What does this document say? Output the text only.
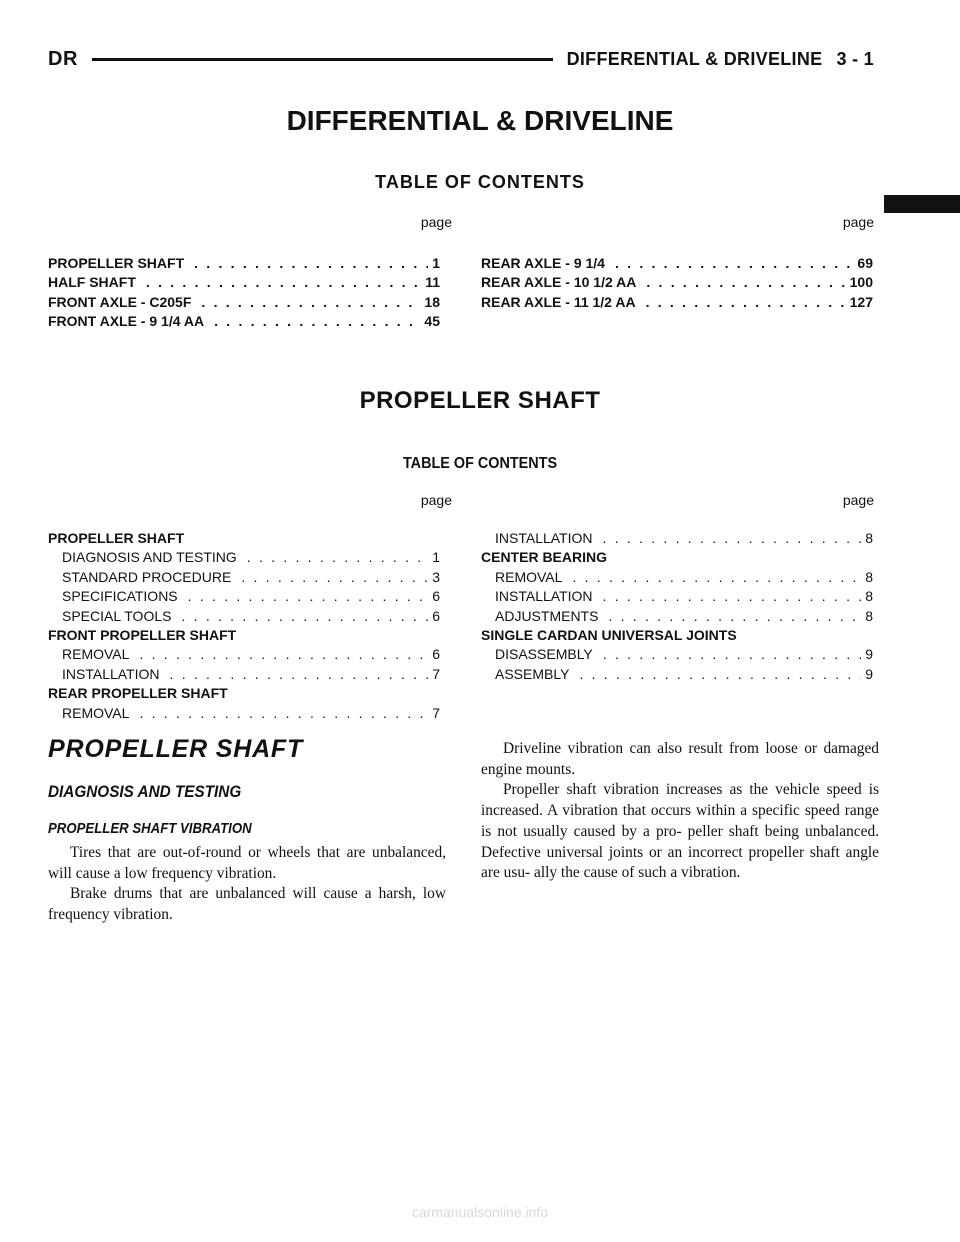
DR	DIFFERENTIAL & DRIVELINE 3 - 1
DIFFERENTIAL & DRIVELINE
TABLE OF CONTENTS
page	page
PROPELLER SHAFT . . .	1
HALF SHAFT . . .	11
FRONT AXLE - C205F . . .	18
FRONT AXLE - 9 1/4 AA . . .	45
REAR AXLE - 9 1/4 . . .	69
REAR AXLE - 10 1/2 AA . . .	100
REAR AXLE - 11 1/2 AA . . .	127
PROPELLER SHAFT
TABLE OF CONTENTS
page	page
PROPELLER SHAFT
DIAGNOSIS AND TESTING . . .	1
STANDARD PROCEDURE . . .	3
SPECIFICATIONS . . .	6
SPECIAL TOOLS . . .	6
FRONT PROPELLER SHAFT
REMOVAL . . .	6
INSTALLATION . . .	7
REAR PROPELLER SHAFT
REMOVAL . . .	7
INSTALLATION . . .	8
CENTER BEARING
REMOVAL . . .	8
INSTALLATION . . .	8
ADJUSTMENTS . . .	8
SINGLE CARDAN UNIVERSAL JOINTS
DISASSEMBLY . . .	9
ASSEMBLY . . .	9
PROPELLER SHAFT
DIAGNOSIS AND TESTING
PROPELLER SHAFT VIBRATION

Tires that are out-of-round or wheels that are unbalanced, will cause a low frequency vibration.

Brake drums that are unbalanced will cause a harsh, low frequency vibration.

Driveline vibration can also result from loose or damaged engine mounts.

Propeller shaft vibration increases as the vehicle speed is increased. A vibration that occurs within a specific speed range is not usually caused by a pro- peller shaft being unbalanced. Defective universal joints or an incorrect propeller shaft angle are usu- ally the cause of such a vibration.

carmanualsonline.info
